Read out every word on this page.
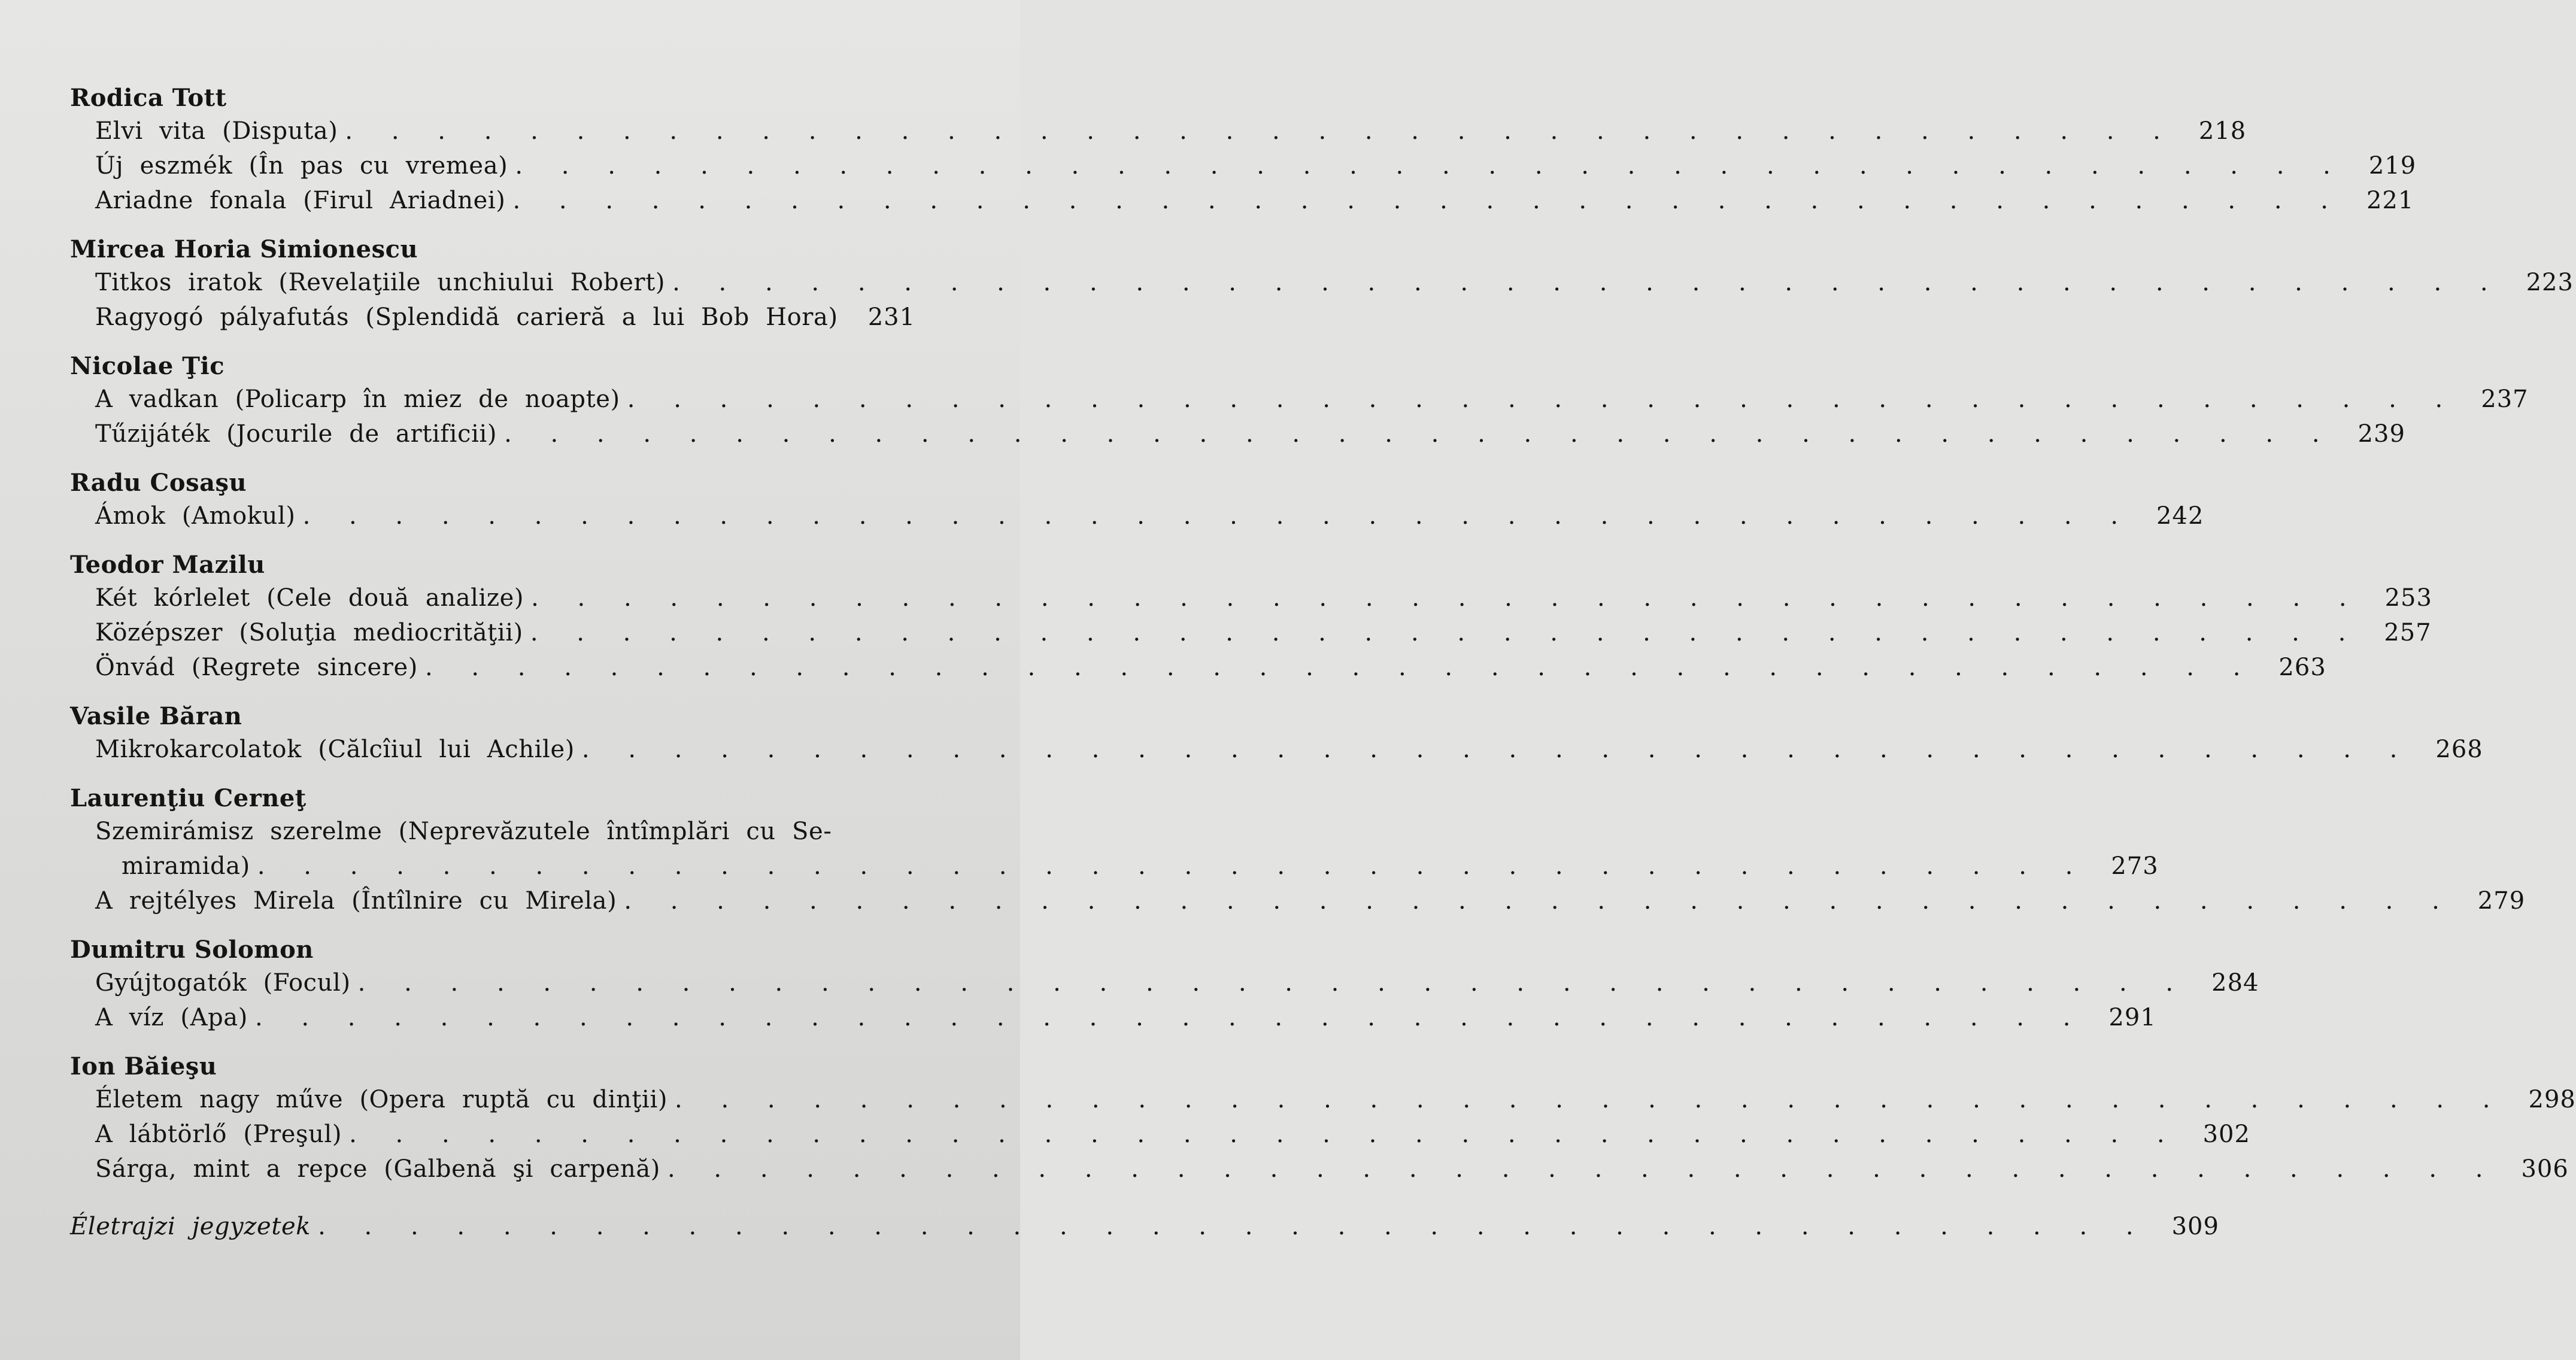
Rodica Tott
Elvi vita (Disputa) . . . . . . . . . . . . . . . . . . . . . . . . . . . . . . . . . . . . . . . . 218
Új eszmék (În pas cu vremea) . . . . . . . . . . . . . . . . . . . . . . . . . . . . . . . . . . . . . . . . 219
Ariadne fonala (Firul Ariadnei) . . . . . . . . . . . . . . . . . . . . . . . . . . . . . . . . . . . . . . . . 221
Mircea Horia Simionescu
Titkos iratok (Revelaţiile unchiului Robert) . . . . . . . . . . . . . . . . . . . . . . . . . . . . . . . . . . . . . . . . 223
Ragyogó pályafutás (Splendidă carieră a lui Bob Hora)	231
Nicolae Ţic
A vadkan (Policarp în miez de noapte) . . . . . . . . . . . . . . . . . . . . . . . . . . . . . . . . . . . . . . . . 237
Tűzijáték (Jocurile de artificii) . . . . . . . . . . . . . . . . . . . . . . . . . . . . . . . . . . . . . . . . 239
Radu Cosaşu
Ámok (Amokul) . . . . . . . . . . . . . . . . . . . . . . . . . . . . . . . . . . . . . . . . 242
Teodor Mazilu
Két kórlelet (Cele două analize) . . . . . . . . . . . . . . . . . . . . . . . . . . . . . . . . . . . . . . . . 253
Középszer (Soluţia mediocrităţii) . . . . . . . . . . . . . . . . . . . . . . . . . . . . . . . . . . . . . . . . 257
Önvád (Regrete sincere) . . . . . . . . . . . . . . . . . . . . . . . . . . . . . . . . . . . . . . . . 263
Vasile Băran
Mikrokarcolatok (Călcîiul lui Achile) . . . . . . . . . . . . . . . . . . . . . . . . . . . . . . . . . . . . . . . . 268
Laurenţiu Cerneţ
Szemirámisz szerelme (Neprevăzutele întîmplări cu Se-
miramida) . . . . . . . . . . . . . . . . . . . . . . . . . . . . . . . . . . . . . . . . 273
A rejtélyes Mirela (Întîlnire cu Mirela) . . . . . . . . . . . . . . . . . . . . . . . . . . . . . . . . . . . . . . . . 279
Dumitru Solomon
Gyújtogatók (Focul) . . . . . . . . . . . . . . . . . . . . . . . . . . . . . . . . . . . . . . . . 284
A víz (Apa) . . . . . . . . . . . . . . . . . . . . . . . . . . . . . . . . . . . . . . . . 291
Ion Băieşu
Életem nagy műve (Opera ruptă cu dinţii) . . . . . . . . . . . . . . . . . . . . . . . . . . . . . . . . . . . . . . . . 298
A lábtörlő (Preşul) . . . . . . . . . . . . . . . . . . . . . . . . . . . . . . . . . . . . . . . . 302
Sárga, mint a repce (Galbenă şi carpenă) . . . . . . . . . . . . . . . . . . . . . . . . . . . . . . . . . . . . . . . . 306
Életrajzi jegyzetek . . . . . . . . . . . . . . . . . . . . . . . . . . . . . . . . . . . . . . . . 309
